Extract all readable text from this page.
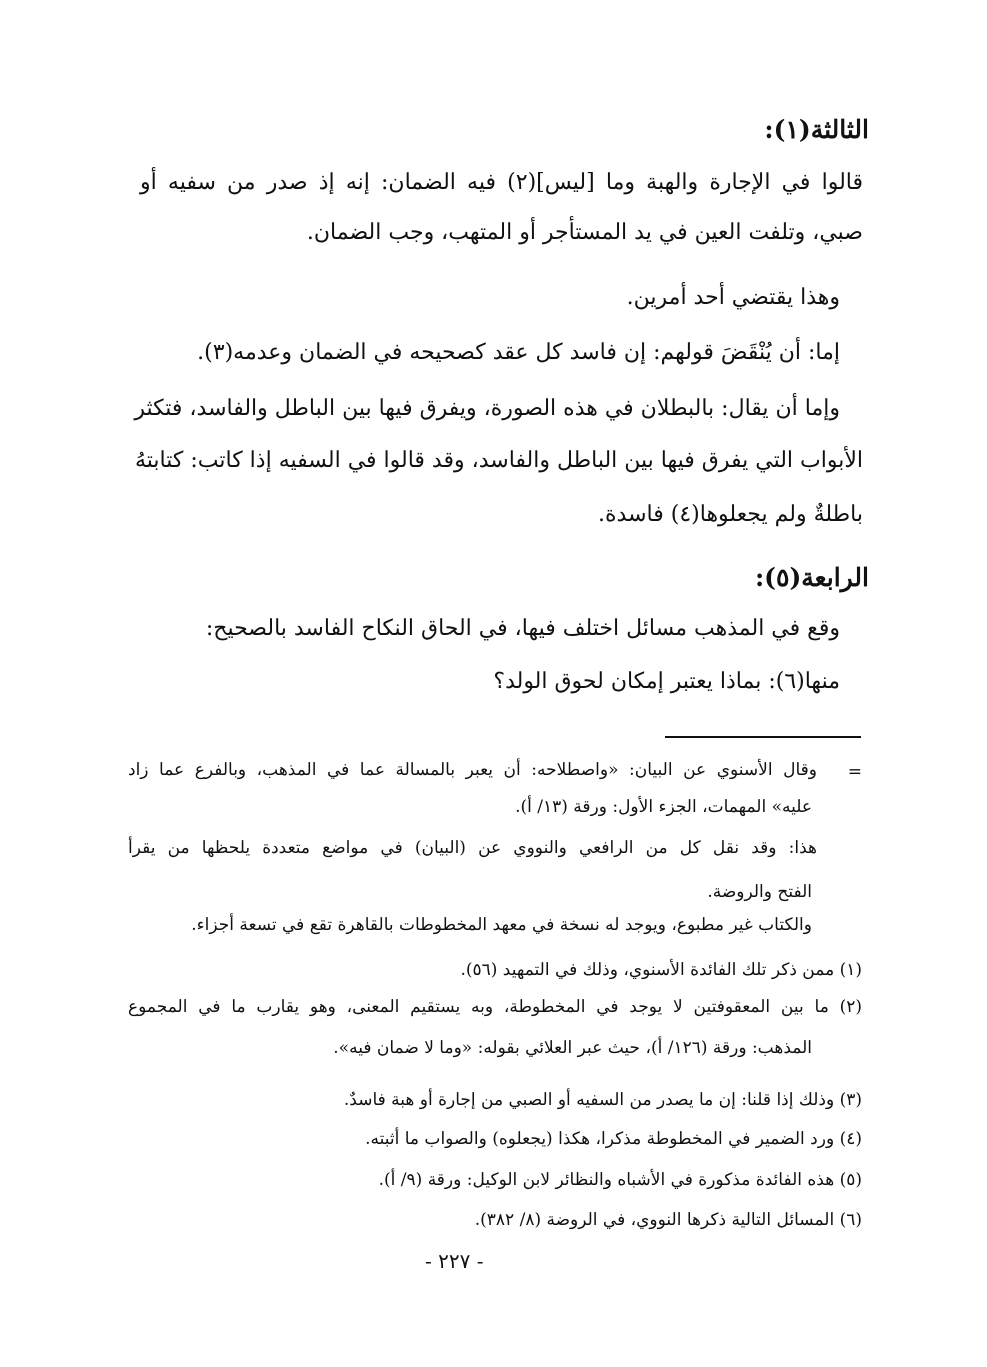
الثالثة(١):
قالوا في الإجارة والهبة وما [ليس](٢) فيه الضمان: إنه إذ صدر من سفيه أو
صبي، وتلفت العين في يد المستأجر أو المتهب، وجب الضمان.
وهذا يقتضي أحد أمرين.
إما: أن يُنْقَضَ قولهم: إن فاسد كل عقد كصحيحه في الضمان وعدمه(٣).
وإما أن يقال: بالبطلان في هذه الصورة، ويفرق فيها بين الباطل والفاسد، فتكثر
الأبواب التي يفرق فيها بين الباطل والفاسد، وقد قالوا في السفيه إذا كاتب: كتابتهُ
باطلةٌ ولم يجعلوها(٤) فاسدة.
الرابعة(٥):
وقع في المذهب مسائل اختلف فيها، في الحاق النكاح الفاسد بالصحيح:
منها(٦): بماذا يعتبر إمكان لحوق الولد؟
=
وقال الأسنوي عن البيان: «واصطلاحه: أن يعبر بالمسالة عما في المذهب، وبالفرع عما زاد
عليه» المهمات، الجزء الأول: ورقة (١٣/ أ).
هذا: وقد نقل كل من الرافعي والنووي عن (البيان) في مواضع متعددة يلحظها من يقرأ
الفتح والروضة.
والكتاب غير مطبوع، ويوجد له نسخة في معهد المخطوطات بالقاهرة تقع في تسعة أجزاء.
(١) ممن ذكر تلك الفائدة الأسنوي، وذلك في التمهيد (٥٦).
(٢) ما بين المعقوفتين لا يوجد في المخطوطة، وبه يستقيم المعنى، وهو يقارب ما في المجموع
المذهب: ورقة (١٢٦/ أ)، حيث عبر العلائي بقوله: «وما لا ضمان فيه».
(٣) وذلك إذا قلنا: إن ما يصدر من السفيه أو الصبي من إجارة أو هبة فاسدٌ.
(٤) ورد الضمير في المخطوطة مذكرا، هكذا (يجعلوه) والصواب ما أثبته.
(٥) هذه الفائدة مذكورة في الأشباه والنظائر لابن الوكيل: ورقة (٩/ أ).
(٦) المسائل التالية ذكرها النووي، في الروضة (٨/ ٣٨٢).
- ٢٢٧ -
